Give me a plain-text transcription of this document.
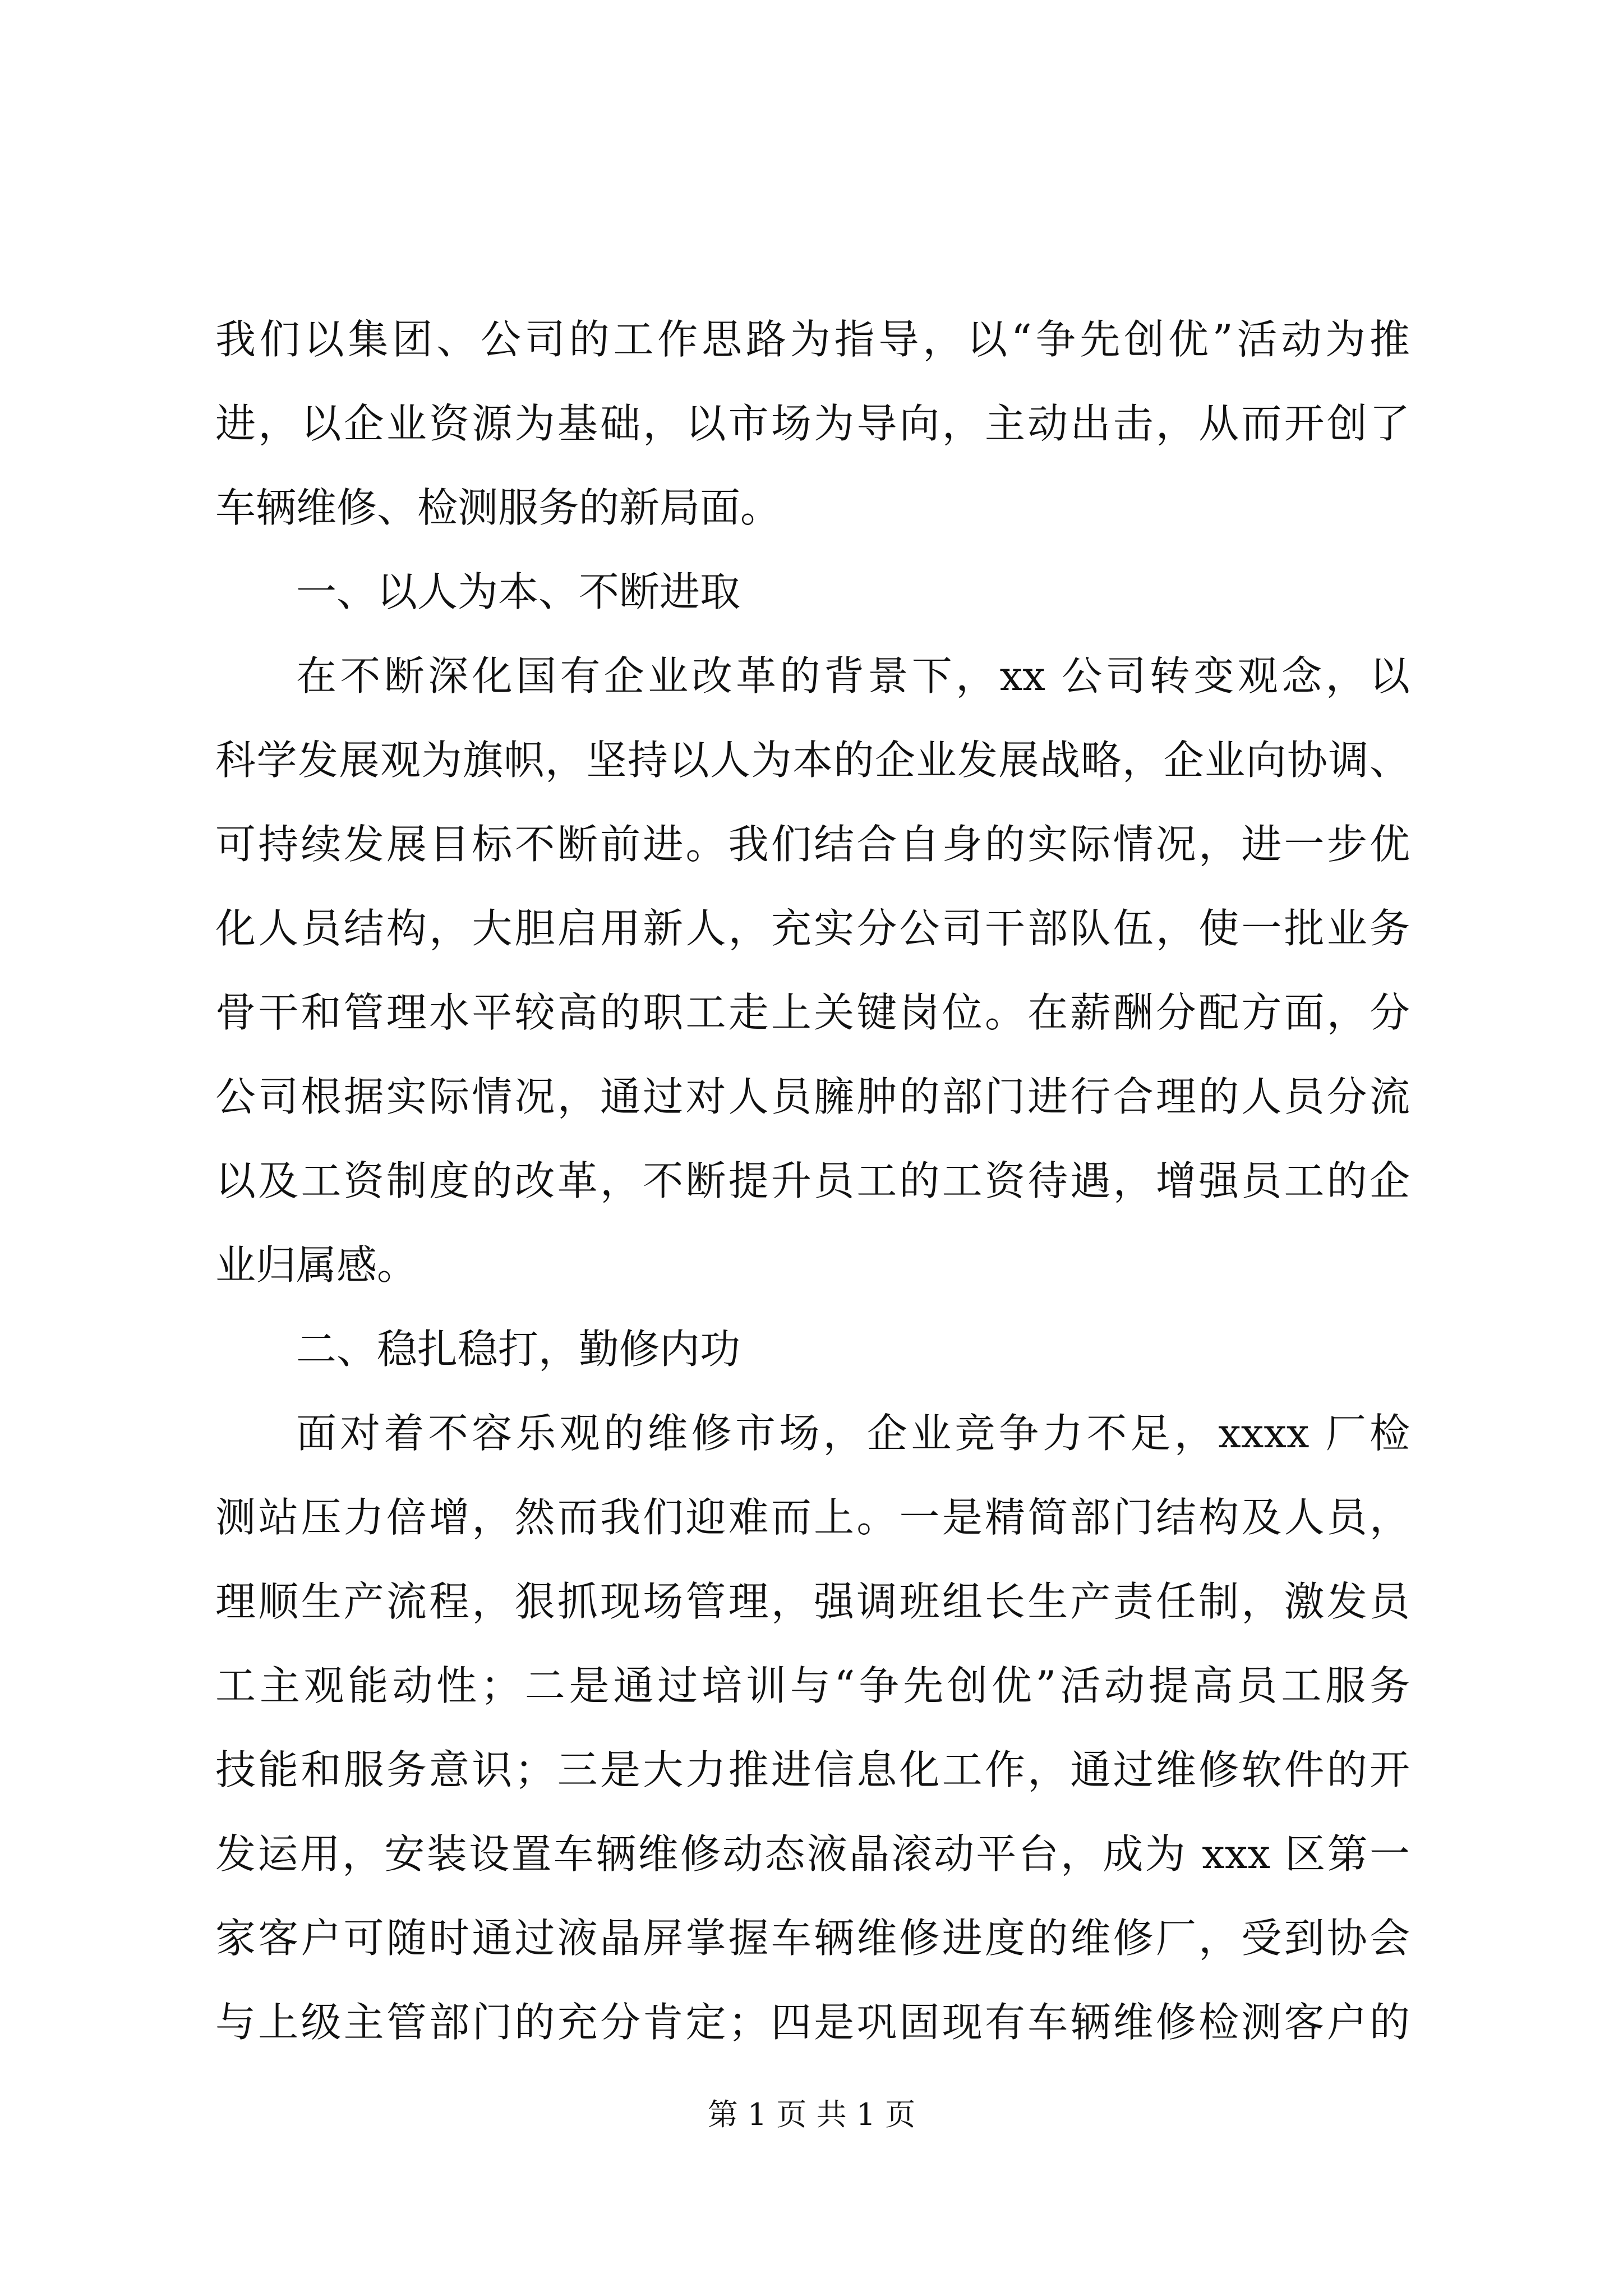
我们以集团、公司的工作思路为指导，以“争先创优”活动为推
进，以企业资源为基础，以市场为导向，主动出击，从而开创了
车辆维修、检测服务的新局面。
一、以人为本、不断进取
在不断深化国有企业改革的背景下，xx 公司转变观念，以
科学发展观为旗帜，坚持以人为本的企业发展战略，企业向协调、
可持续发展目标不断前进。我们结合自身的实际情况，进一步优
化人员结构，大胆启用新人，充实分公司干部队伍，使一批业务
骨干和管理水平较高的职工走上关键岗位。在薪酬分配方面，分
公司根据实际情况，通过对人员臃肿的部门进行合理的人员分流
以及工资制度的改革，不断提升员工的工资待遇，增强员工的企
业归属感。
二、稳扎稳打，勤修内功
面对着不容乐观的维修市场，企业竞争力不足，xxxx 厂检
测站压力倍增，然而我们迎难而上。一是精简部门结构及人员，
理顺生产流程，狠抓现场管理，强调班组长生产责任制，激发员
工主观能动性；二是通过培训与“争先创优”活动提高员工服务
技能和服务意识；三是大力推进信息化工作，通过维修软件的开
发运用，安装设置车辆维修动态液晶滚动平台，成为 xxx 区第一
家客户可随时通过液晶屏掌握车辆维修进度的维修厂，受到协会
与上级主管部门的充分肯定；四是巩固现有车辆维修检测客户的
第 1 页 共 1 页
